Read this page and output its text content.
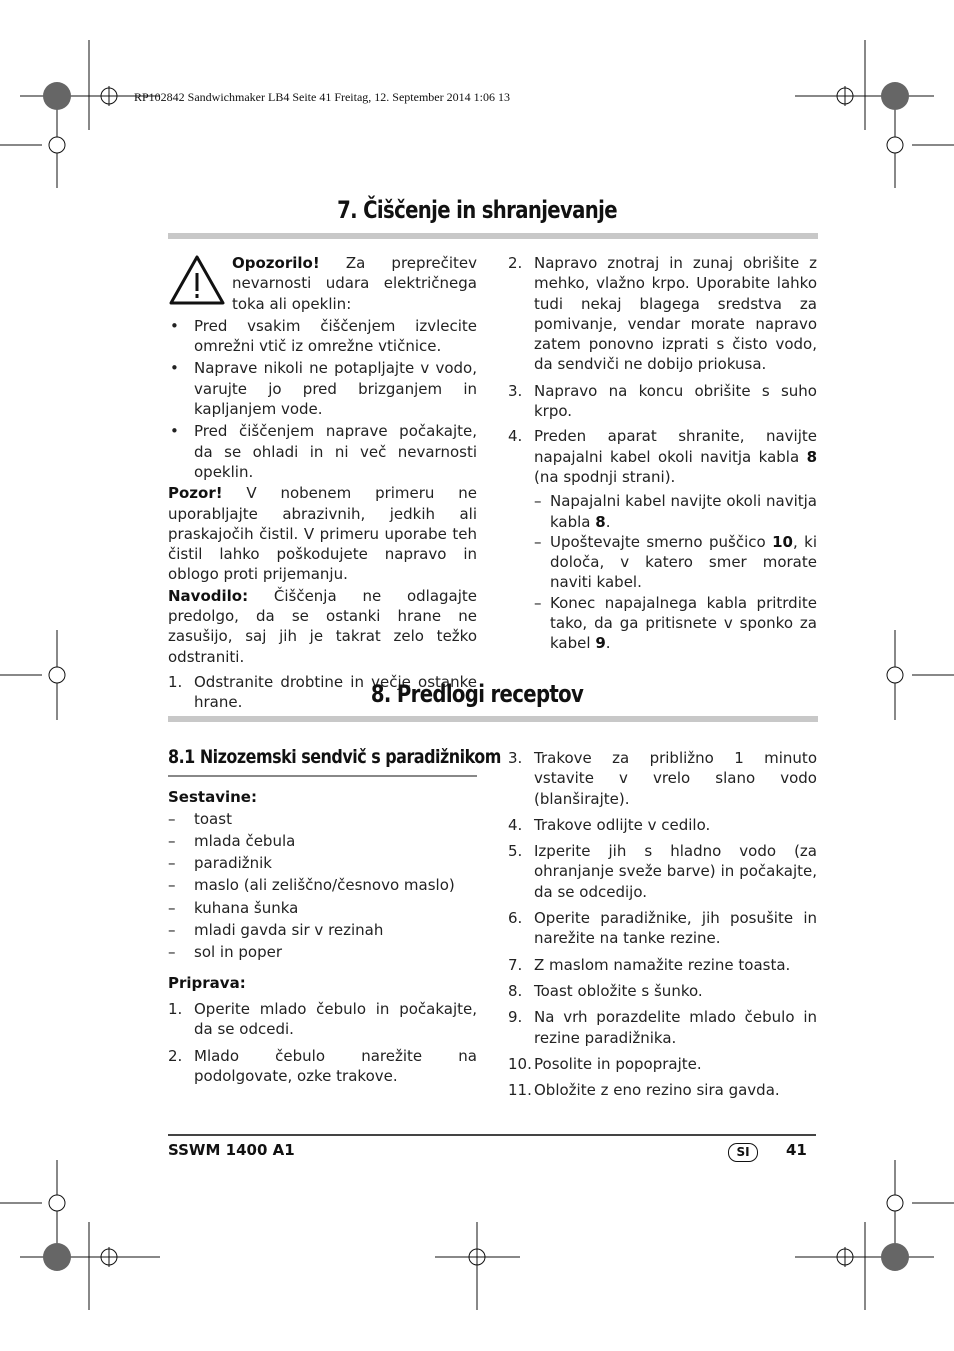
RP102842 Sandwichmaker LB4 Seite 41 Freitag, 12. September 2014 1:06 13
7. Čiščenje in shranjevanje

Opozorilo! Za preprečitev nevarnosti udara električnega toka ali opeklin:

• Pred vsakim čiščenjem izvlecite omrežni vtič iz omrežne vtičnice.
• Naprave nikoli ne potapljajte v vodo, varujte jo pred brizganjem in kapljanjem vode.
• Pred čiščenjem naprave počakajte, da se ohladi in ni več nevarnosti opeklin.

Pozor! V nobenem primeru ne uporabljajte abrazivnih, jedkih ali praskajočih čistil. V primeru uporabe teh čistil lahko poškodujete napravo in oblogo proti prijemanju.

Navodilo: Čiščenja ne odlagajte predolgo, da se ostanki hrane ne zasušijo, saj jih je takrat zelo težko odstraniti.

1. Odstranite drobtine in večje ostanke hrane.
2. Napravo znotraj in zunaj obrišite z mehko, vlažno krpo. Uporabite lahko tudi nekaj blagega sredstva za pomivanje, vendar morate napravo zatem ponovno izprati s čisto vodo, da sendviči ne dobijo priokusa.
3. Napravo na koncu obrišite s suho krpo.
4. Preden aparat shranite, navijte napajalni kabel okoli navitja kabla 8 (na spodnji strani).
– Napajalni kabel navijte okoli navitja kabla 8.
– Upoštevajte smerno puščico 10, ki določa, v katero smer morate naviti kabel.
– Konec napajalnega kabla pritrdite tako, da ga pritisnete v sponko za kabel 9.
8. Predlogi receptov
8.1 Nizozemski sendvič s paradižnikom

Sestavine:

– toast
– mlada čebula
– paradižnik
– maslo (ali zeliščno/česnovo maslo)
– kuhana šunka
– mladi gavda sir v rezinah
– sol in poper

Priprava:

1. Operite mlado čebulo in počakajte, da se odcedi.
2. Mlado čebulo narežite na podolgovate, ozke trakove.
3. Trakove za približno 1 minuto vstavite v vrelo slano vodo (blanširajte).
4. Trakove odlijte v cedilo.
5. Izperite jih s hladno vodo (za ohranjanje sveže barve) in počakajte, da se odcedijo.
6. Operite paradižnike, jih posušite in narežite na tanke rezine.
7. Z maslom namažite rezine toasta.
8. Toast obložite s šunko.
9. Na vrh porazdelite mlado čebulo in rezine paradižnika.
10. Posolite in popoprajte.
11. Obložite z eno rezino sira gavda.
SSWM 1400 A1	SI	41
